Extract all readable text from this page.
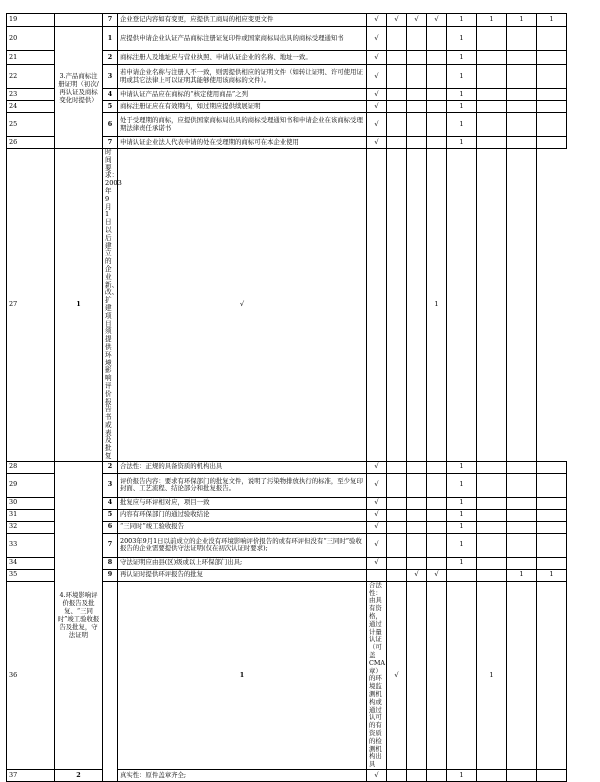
19		7	企业登记内容如有变更，应提供工商局的相应变更文件	√	√	√	√	1	1	1	1	
20	3.产品商标注册证明（初次/再认证及商标变化时提供）	1	应提供申请企业认证产品商标注册证复印件或国家商标局出具的商标受理通知书	√				1				
21		2	商标注册人及地址应与营业执照、申请认证企业的名称、地址一致。	√				1				
22		3	若申请企业名称与注册人不一致，则需提供相应的证明文件（如转让证明、许可使用证明或其它法律上可以证明其能够使用该商标的文件）。	√				1				
23		4	申请认证产品应在商标的“核定使用商品”之列	√				1				
24		5	商标注册证应在有效期内，如过期应提供续展证明	√				1				
25		6	处于受理期的商标，应提供国家商标局出具的商标受理通知书和申请企业在该商标受理期法律责任承诺书	√				1				
26		7	申请认证企业法人代表申请的处在受理期的商标可在本企业使用	√				1				
27	1	时间要求：2003年9月1日以后建立的企业新、改、扩建项目须提供环境影响评价报告书或表及批复	√				1					
28	4.环境影响评价报告及批复、“三同时”竣工验收报告及批复，守法证明	2	合法性：正规的具备资质的机构出具	√				1				
29		3	评价报告内容：要求有环保部门的批复文件，说明了污染物排放执行的标准，至少复印封面、工艺流程、结论部分和批复报告。	√				1				
30		4	批复应与环评相对应，项目一致	√				1				
31		5	内容有环保部门的通过验收结论	√				1				
32		6	“三同时”竣工验收报告	√				1				
33		7	2003年9月1日以前成立的企业没有环境影响评价报告的或有环评但没有“三同时”验收报告的企业需要提供守法证明(仅在初次认证时要求);	√				1				
34		8	守法证明应由县(区)级或以上环保部门出具;	√				1				
35		9	再认证时提供环评报告的批复			√	√			1	1	
36			1	合法性：由具有资格，通过计量认证（可盖CMA章）的环境监测机构或通过认可的有资质的检测机构出具	√				1			
37	2		真实性：原件盖章齐全;	√				1				
